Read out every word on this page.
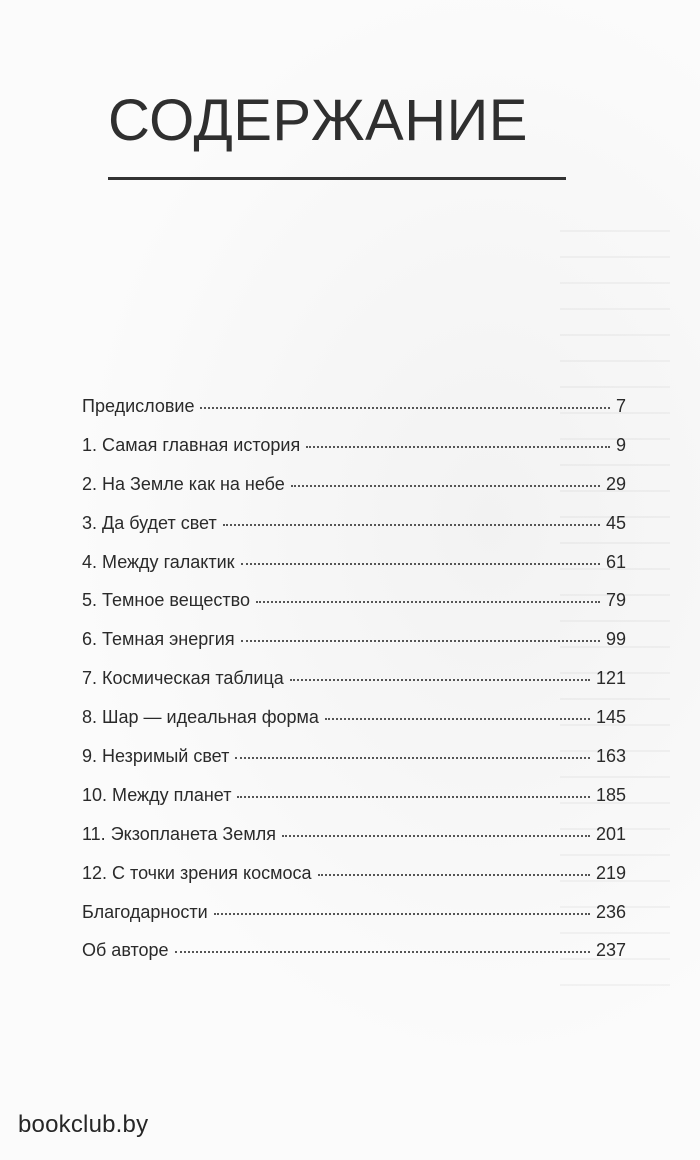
СОДЕРЖАНИЕ
Предисловие	7
1. Самая главная история	9
2. На Земле как на небе	29
3. Да будет свет	45
4. Между галактик	61
5. Темное вещество	79
6. Темная энергия	99
7. Космическая таблица	121
8. Шар — идеальная форма	145
9. Незримый свет	163
10. Между планет	185
11. Экзопланета Земля	201
12. С точки зрения космоса	219
Благодарности	236
Об авторе	237
bookclub.by
